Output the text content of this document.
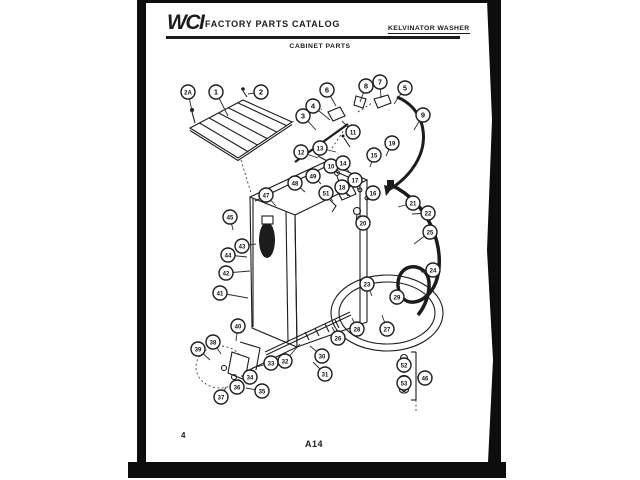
WCI FACTORY PARTS CATALOG	KELVINATOR WASHER
CABINET PARTS
4
A14
2A	1	2
3
4
6	8 7
5
9
11
12
13
10 14
15
19
49
48
51
47
18
17
16
20
21
22
25
24
45
43
44
42
41
40
38
39
33
34
36
35
37
32
30
31
26
28	27
23
29
52
53
46
